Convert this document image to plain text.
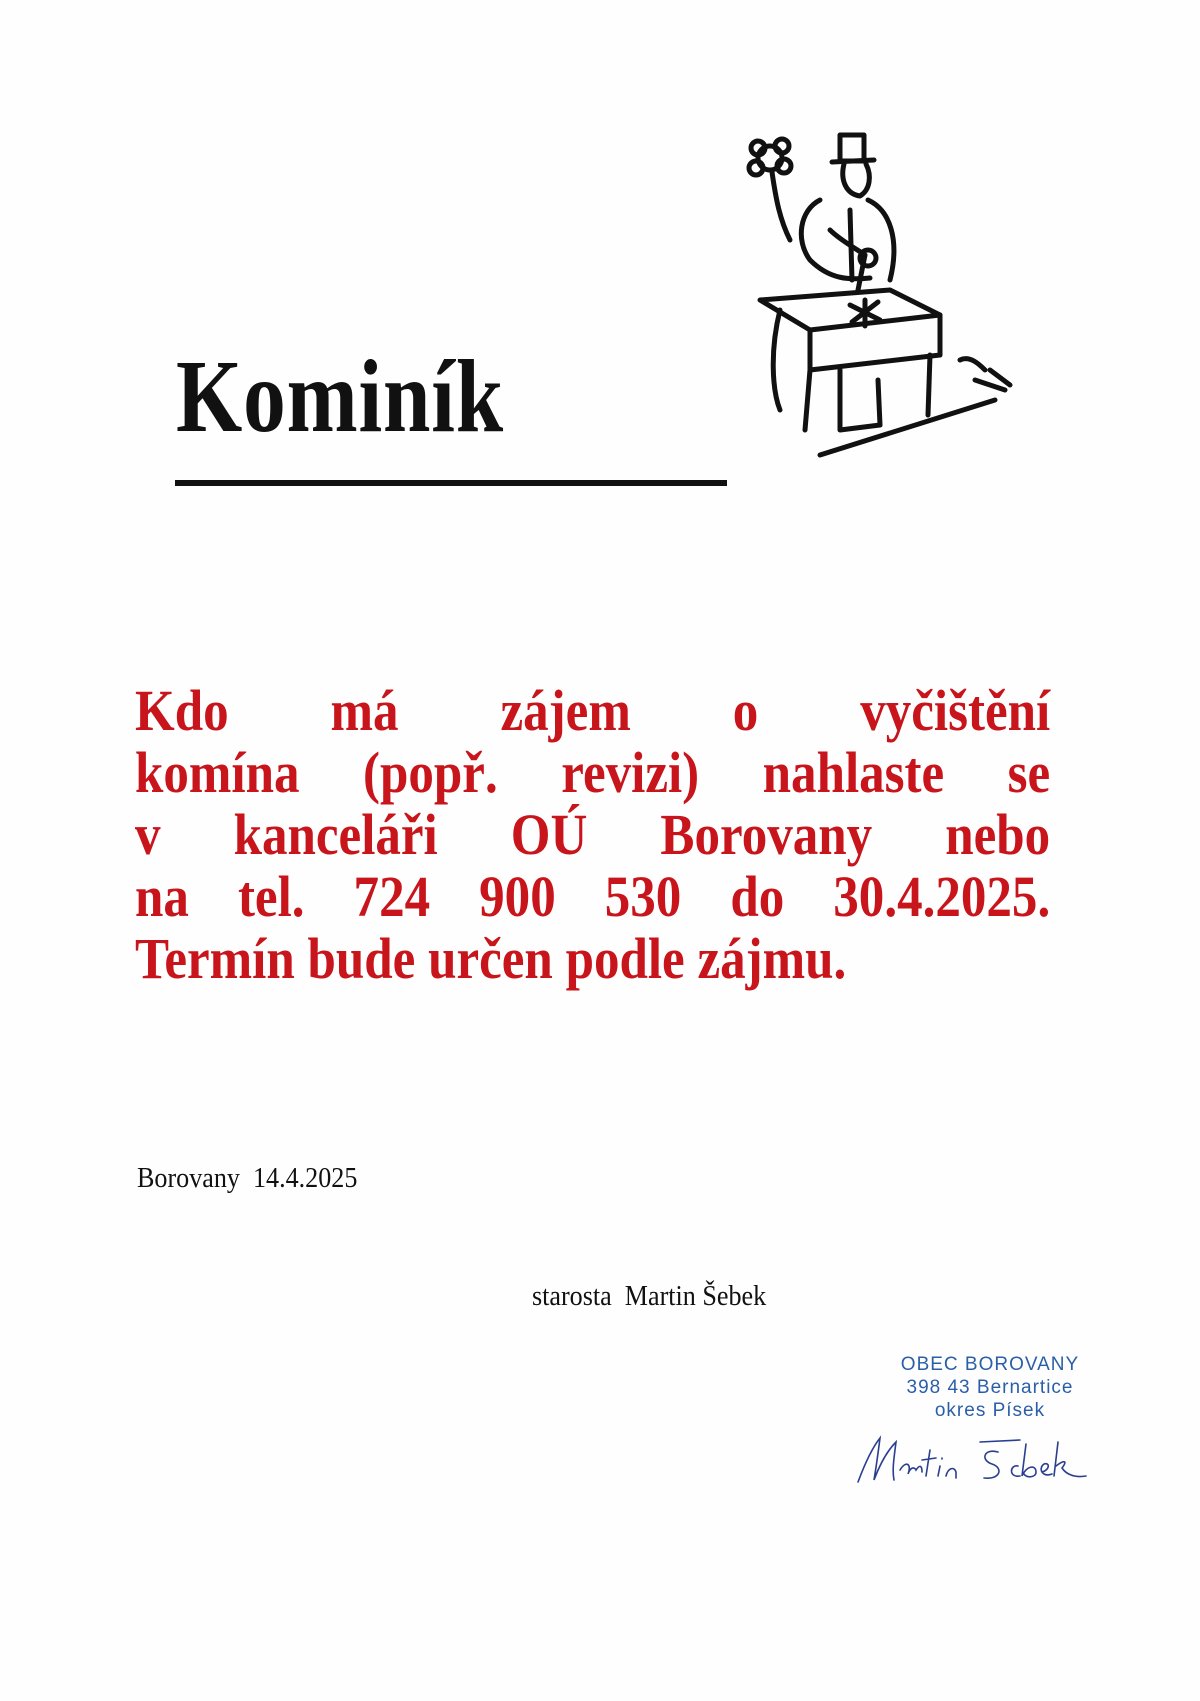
Kominík
Kdo má zájem o vyčištění
komína (popř. revizi) nahlaste se
v kanceláři OÚ Borovany nebo
na tel. 724 900 530 do 30.4.2025.
Termín bude určen podle zájmu.
Borovany  14.4.2025
starosta  Martin Šebek
OBEC BOROVANY
398 43 Bernartice
okres Písek
